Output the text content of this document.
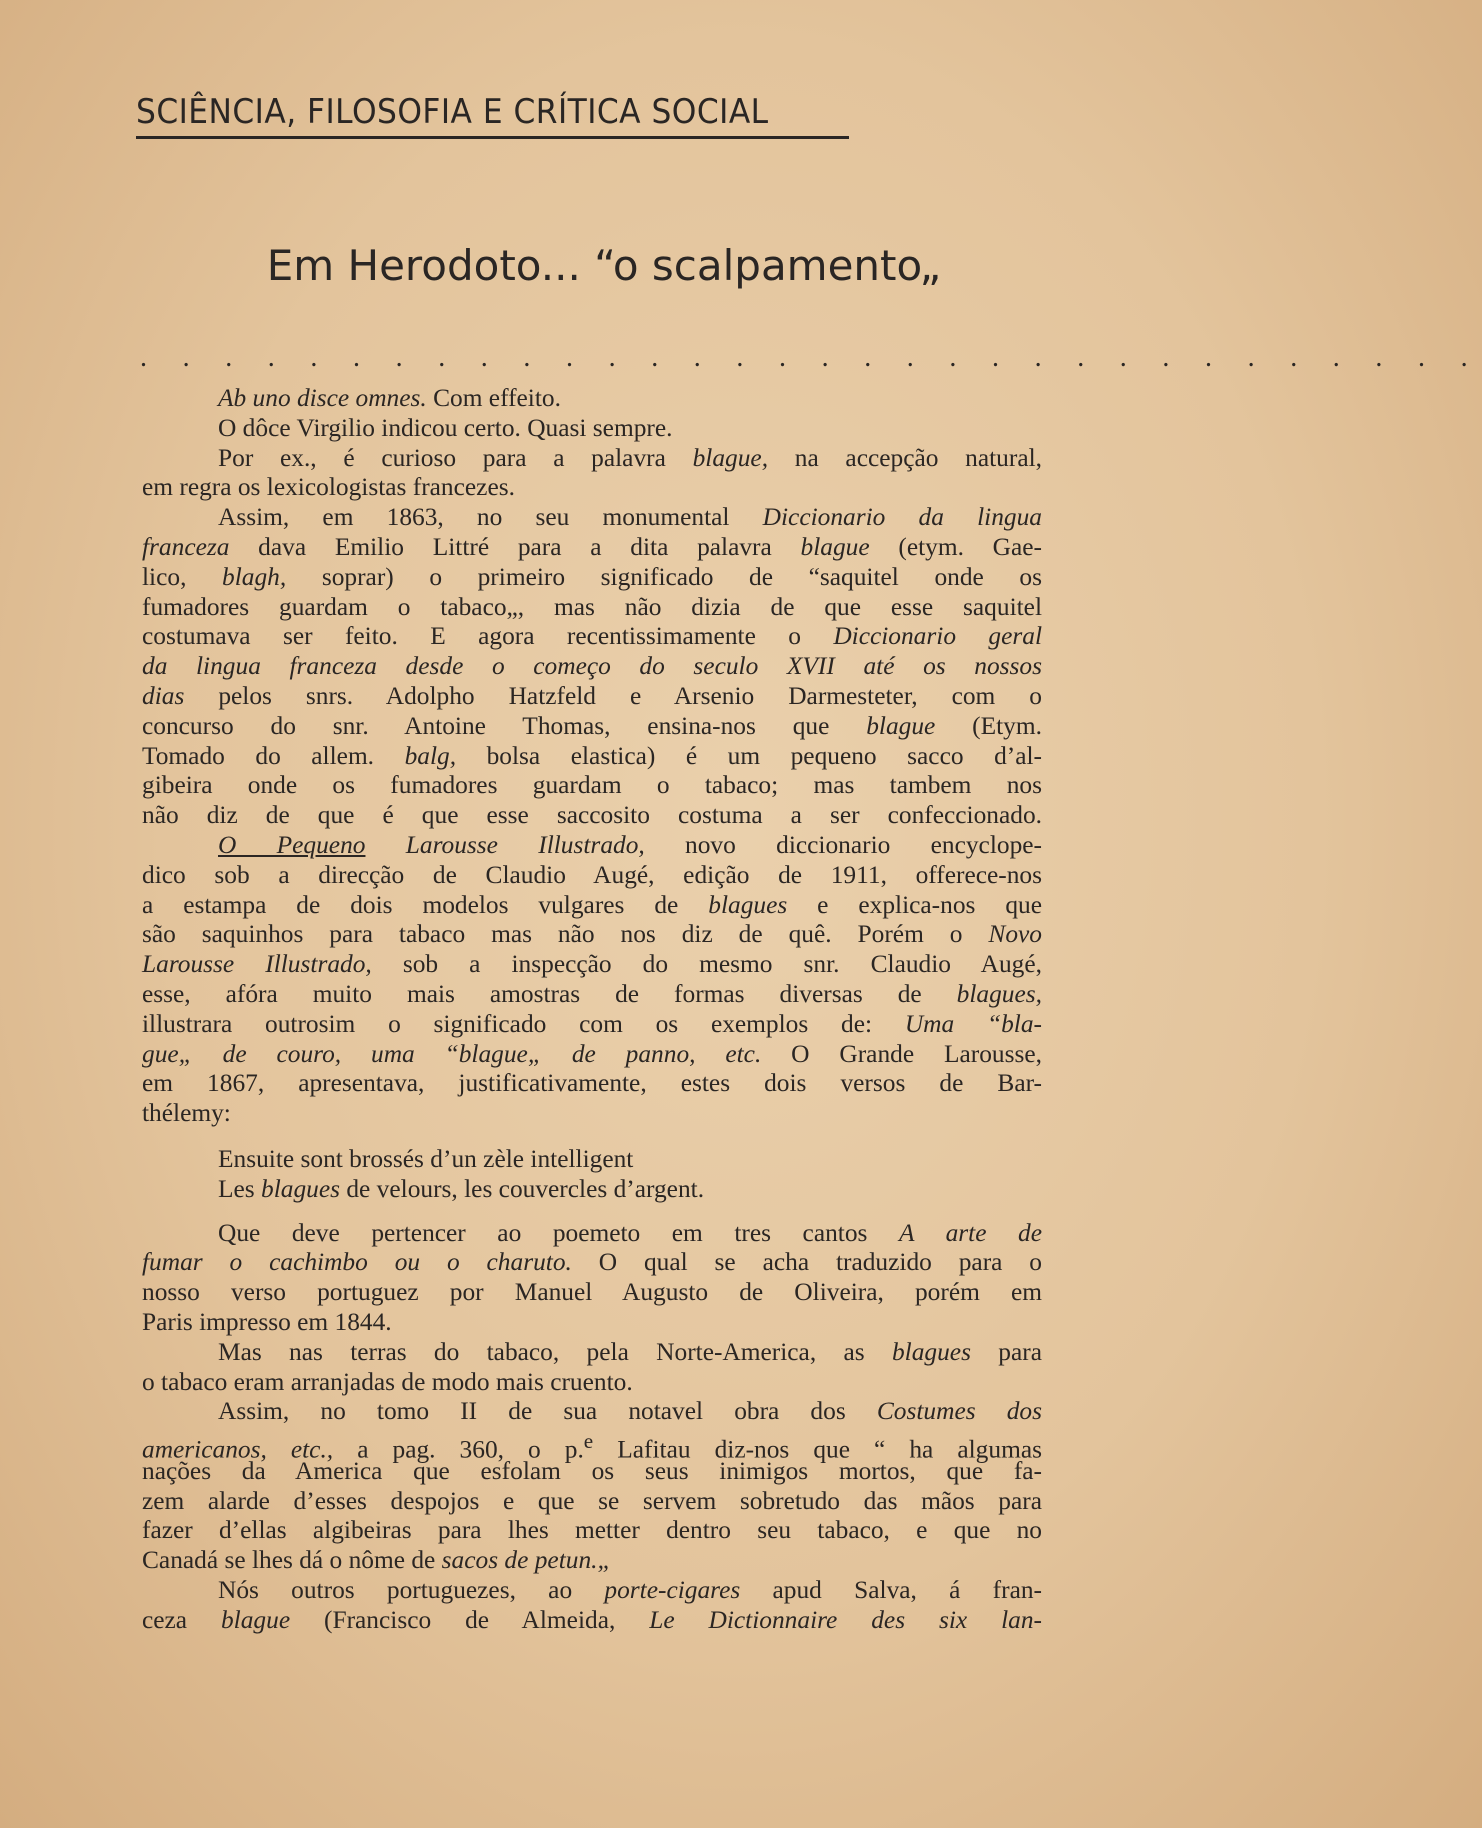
SCIÊNCIA, FILOSOFIA E CRÍTICA SOCIAL
Em Herodoto... “o scalpamento„
. . . . . . . . . . . . . . . . . . . . . . . . . . . . . . . .
Ab uno disce omnes. Com effeito.
O dôce Virgilio indicou certo. Quasi sempre.
Por ex., é curioso para a palavra blague, na accepção natural,
em regra os lexicologistas francezes.
Assim, em 1863, no seu monumental Diccionario da lingua
franceza dava Emilio Littré para a dita palavra blague (etym. Gae-
lico, blagh, soprar) o primeiro significado de “saquitel onde os
fumadores guardam o tabaco„, mas não dizia de que esse saquitel
costumava ser feito. E agora recentissimamente o Diccionario geral
da lingua franceza desde o começo do seculo XVII até os nossos
dias pelos snrs. Adolpho Hatzfeld e Arsenio Darmesteter, com o
concurso do snr. Antoine Thomas, ensina-nos que blague (Etym.
Tomado do allem. balg, bolsa elastica) é um pequeno sacco d’al-
gibeira onde os fumadores guardam o tabaco; mas tambem nos
não diz de que é que esse saccosito costuma a ser confeccionado.
O Pequeno Larousse Illustrado, novo diccionario encyclope-
dico sob a direcção de Claudio Augé, edição de 1911, offerece-nos
a estampa de dois modelos vulgares de blagues e explica-nos que
são saquinhos para tabaco mas não nos diz de quê. Porém o Novo
Larousse Illustrado, sob a inspecção do mesmo snr. Claudio Augé,
esse, afóra muito mais amostras de formas diversas de blagues,
illustrara outrosim o significado com os exemplos de: Uma “bla-
gue„ de couro, uma “blague„ de panno, etc. O Grande Larousse,
em 1867, apresentava, justificativamente, estes dois versos de Bar-
thélemy:
Ensuite sont brossés d’un zèle intelligent
Les blagues de velours, les couvercles d’argent.
Que deve pertencer ao poemeto em tres cantos A arte de
fumar o cachimbo ou o charuto. O qual se acha traduzido para o
nosso verso portuguez por Manuel Augusto de Oliveira, porém em
Paris impresso em 1844.
Mas nas terras do tabaco, pela Norte-America, as blagues para
o tabaco eram arranjadas de modo mais cruento.
Assim, no tomo II de sua notavel obra dos Costumes dos
americanos, etc., a pag. 360, o p.$^e$ Lafitau diz-nos que “ ha algumas
nações da America que esfolam os seus inimigos mortos, que fa-
zem alarde d’esses despojos e que se servem sobretudo das mãos para
fazer d’ellas algibeiras para lhes metter dentro seu tabaco, e que no
Canadá se lhes dá o nôme de sacos de petun.„
Nós outros portuguezes, ao porte-cigares apud Salva, á fran-
ceza blague (Francisco de Almeida, Le Dictionnaire des six lan-
